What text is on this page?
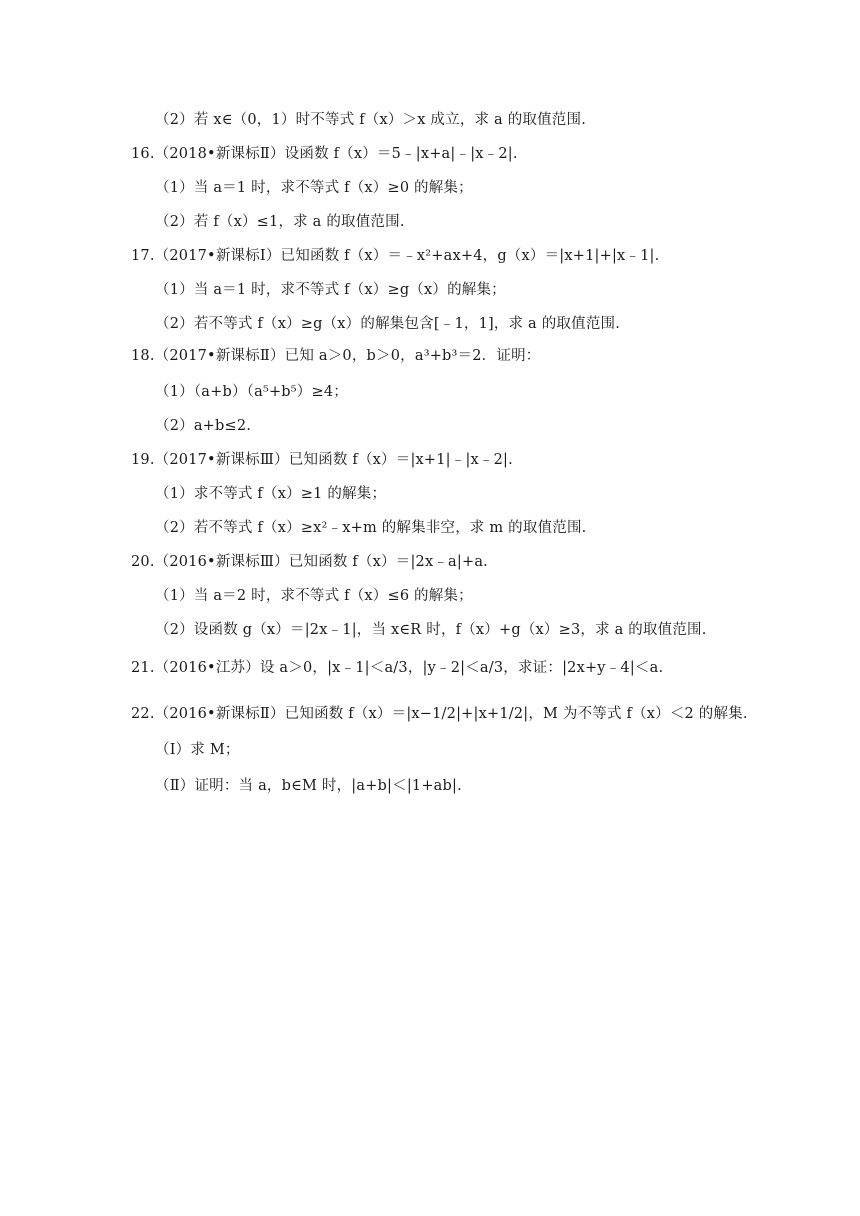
（2）若 x∈（0，1）时不等式 f（x）＞x 成立，求 a 的取值范围.
16.（2018•新课标Ⅱ）设函数 f（x）＝5﹣|x+a|﹣|x﹣2|.
（1）当 a＝1 时，求不等式 f（x）≥0 的解集；
（2）若 f（x）≤1，求 a 的取值范围.
17.（2017•新课标Ⅰ）已知函数 f（x）＝﹣x²+ax+4，g（x）＝|x+1|+|x﹣1|.
（1）当 a＝1 时，求不等式 f（x）≥g（x）的解集；
（2）若不等式 f（x）≥g（x）的解集包含[﹣1，1]，求 a 的取值范围.
18.（2017•新课标Ⅱ）已知 a＞0，b＞0，a³+b³＝2．证明：
（1）（a+b）（a⁵+b⁵）≥4；
（2）a+b≤2.
19.（2017•新课标Ⅲ）已知函数 f（x）＝|x+1|﹣|x﹣2|.
（1）求不等式 f（x）≥1 的解集；
（2）若不等式 f（x）≥x²﹣x+m 的解集非空，求 m 的取值范围.
20.（2016•新课标Ⅲ）已知函数 f（x）＝|2x﹣a|+a.
（1）当 a＝2 时，求不等式 f（x）≤6 的解集；
（2）设函数 g（x）＝|2x﹣1|，当 x∈R 时，f（x）+g（x）≥3，求 a 的取值范围.
21.（2016•江苏）设 a＞0，|x﹣1|＜a/3，|y﹣2|＜a/3，求证：|2x+y﹣4|＜a.
22.（2016•新课标Ⅱ）已知函数 f（x）＝|x−1/2|+|x+1/2|，M 为不等式 f（x）＜2 的解集.
（Ⅰ）求 M；
（Ⅱ）证明：当 a，b∈M 时，|a+b|＜|1+ab|.
